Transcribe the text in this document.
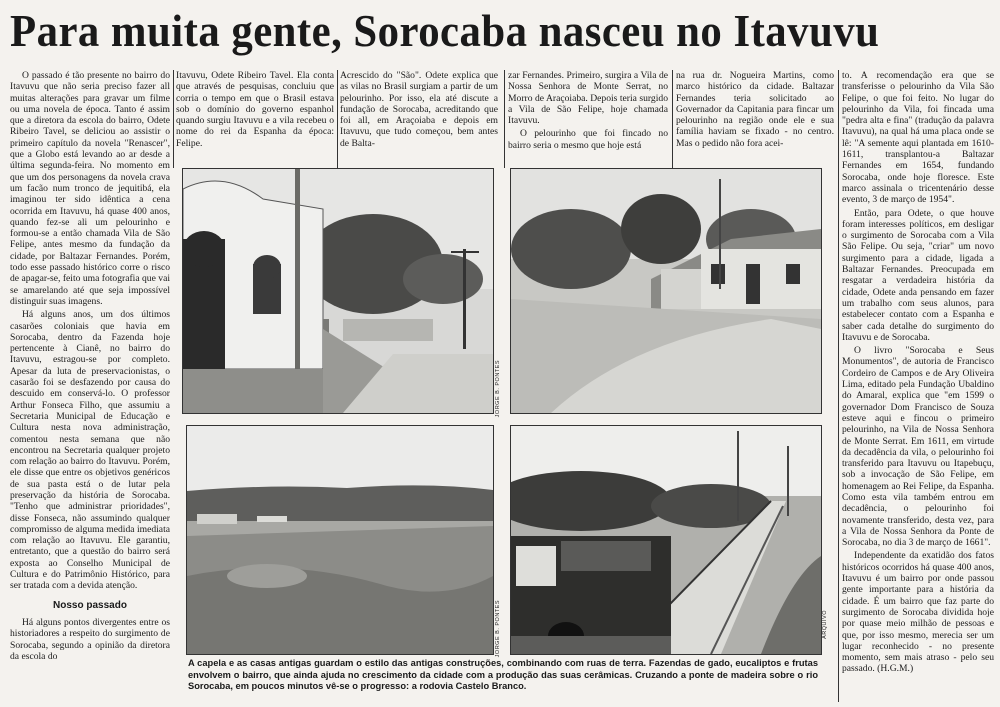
Para muita gente, Sorocaba nasceu no Itavuvu

O passado é tão presente no bairro do Itavuvu que não seria preciso fazer all muitas alterações para gravar um filme ou uma novela de época. Tanto é assim que a diretora da escola do bairro, Odete Ribeiro Tavel, se deliciou ao assistir o primeiro capítulo da novela "Renascer", que a Globo está levando ao ar desde a última segunda-feira. No momento em que um dos personagens da novela crava um facão num tronco de jequitibá, ela imaginou ter sido idêntica a cena ocorrida em Itavuvu, há quase 400 anos, quando fez-se ali um pelourinho e formou-se a então chamada Vila de São Felipe, antes mesmo da fundação da cidade, por Baltazar Fernandes. Porém, todo esse passado histórico corre o risco de apagar-se, feito uma fotografia que vai se amarelando até que seja impossível distinguir suas imagens.

Há alguns anos, um dos últimos casarões coloniais que havia em Sorocaba, dentro da Fazenda hoje pertencente à Cianê, no bairro do Itavuvu, estragou-se por completo. Apesar da luta de preservacionistas, o casarão foi se desfazendo por causa do descuido em conservá-lo. O professor Arthur Fonseca Filho, que assumiu a Secretaria Municipal de Educação e Cultura nesta nova administração, comentou nesta semana que não encontrou na Secretaria qualquer projeto com relação ao bairro do Itavuvu. Porém, ele disse que entre os objetivos genéricos de sua pasta está o de lutar pela preservação da história de Sorocaba. "Tenho que administrar prioridades", disse Fonseca, não assumindo qualquer compromisso de alguma medida imediata com relação ao Itavuvu. Ele garantiu, entretanto, que a questão do bairro será exposta ao Conselho Municipal de Cultura e do Patrimônio Histórico, para ser tratada com a devida atenção.

Nosso passado

Há alguns pontos divergentes entre os historiadores a respeito do surgimento de Sorocaba, segundo a opinião da diretora da escola do

Itavuvu, Odete Ribeiro Tavel. Ela conta que através de pesquisas, concluiu que corria o tempo em que o Brasil estava sob o domínio do governo espanhol quando surgiu Itavuvu e a vila recebeu o nome do rei da Espanha da época: Felipe.

Acrescido do "São". Odete explica que as vilas no Brasil surgiam a partir de um pelourinho. Por isso, ela até discute a fundação de Sorocaba, acreditando que foi all, em Araçoiaba e depois em Itavuvu, que tudo começou, bem antes de Balta-

zar Fernandes. Primeiro, surgira a Vila de Nossa Senhora de Monte Serrat, no Morro de Araçoiaba. Depois teria surgido a Vila de São Felipe, hoje chamada Itavuvu.

O pelourinho que foi fincado no bairro seria o mesmo que hoje está

na rua dr. Nogueira Martins, como marco histórico da cidade. Baltazar Fernandes teria solicitado ao Governador da Capitania para fincar um pelourinho na região onde ele e sua família haviam se fixado - no centro. Mas o pedido não fora acei-

to. A recomendação era que se transferisse o pelourinho da Vila São Felipe, o que foi feito. No lugar do pelourinho da Vila, foi fincada uma "pedra alta e fina" (tradução da palavra Itavuvu), na qual há uma placa onde se lê: "A semente aqui plantada em 1610-1611, transplantou-a Baltazar Fernandes em 1654, fundando Sorocaba, onde hoje floresce. Este marco assinala o tricentenário desse evento, 3 de março de 1954".

Então, para Odete, o que houve foram interesses políticos, em desligar o surgimento de Sorocaba com a Vila São Felipe. Ou seja, "criar" um novo surgimento para a cidade, ligada a Baltazar Fernandes. Preocupada em resgatar a verdadeira história da cidade, Odete anda pensando em fazer um trabalho com seus alunos, para estabelecer contato com a Espanha e saber cada detalhe do surgimento do Itavuvu e de Sorocaba.

O livro "Sorocaba e Seus Monumentos", de autoria de Francisco Cordeiro de Campos e de Ary Oliveira Lima, editado pela Fundação Ubaldino do Amaral, explica que "em 1599 o governador Dom Francisco de Souza esteve aqui e fincou o primeiro pelourinho, na Vila de Nossa Senhora de Monte Serrat. Em 1611, em virtude da decadência da vila, o pelourinho foi transferido para Itavuvu ou Itapebuçu, sob a invocação de São Felipe, em homenagem ao Rei Felipe, da Espanha. Como esta vila também entrou em decadência, o pelourinho foi novamente transferido, desta vez, para a Vila de Nossa Senhora da Ponte de Sorocaba, no dia 3 de março de 1661".

Independente da exatidão dos fatos históricos ocorridos há quase 400 anos, Itavuvu é um bairro por onde passou gente importante para a história da cidade. É um bairro que faz parte do surgimento de Sorocaba dividida hoje por quase meio milhão de pessoas e que, por isso mesmo, merecia ser um lugar reconhecido - no presente momento, sem mais atraso - pelo seu passado. (H.G.M.)

JORGE B. PONTES
JORGE B. PONTES	ARQUIVO
A capela e as casas antigas guardam o estilo das antigas construções, combinando com ruas de terra. Fazendas de gado, eucaliptos e frutas envolvem o bairro, que ainda ajuda no crescimento da cidade com a produção das suas cerâmicas. Cruzando a ponte de madeira sobre o rio Sorocaba, em poucos minutos vê-se o progresso: a rodovia Castelo Branco.
